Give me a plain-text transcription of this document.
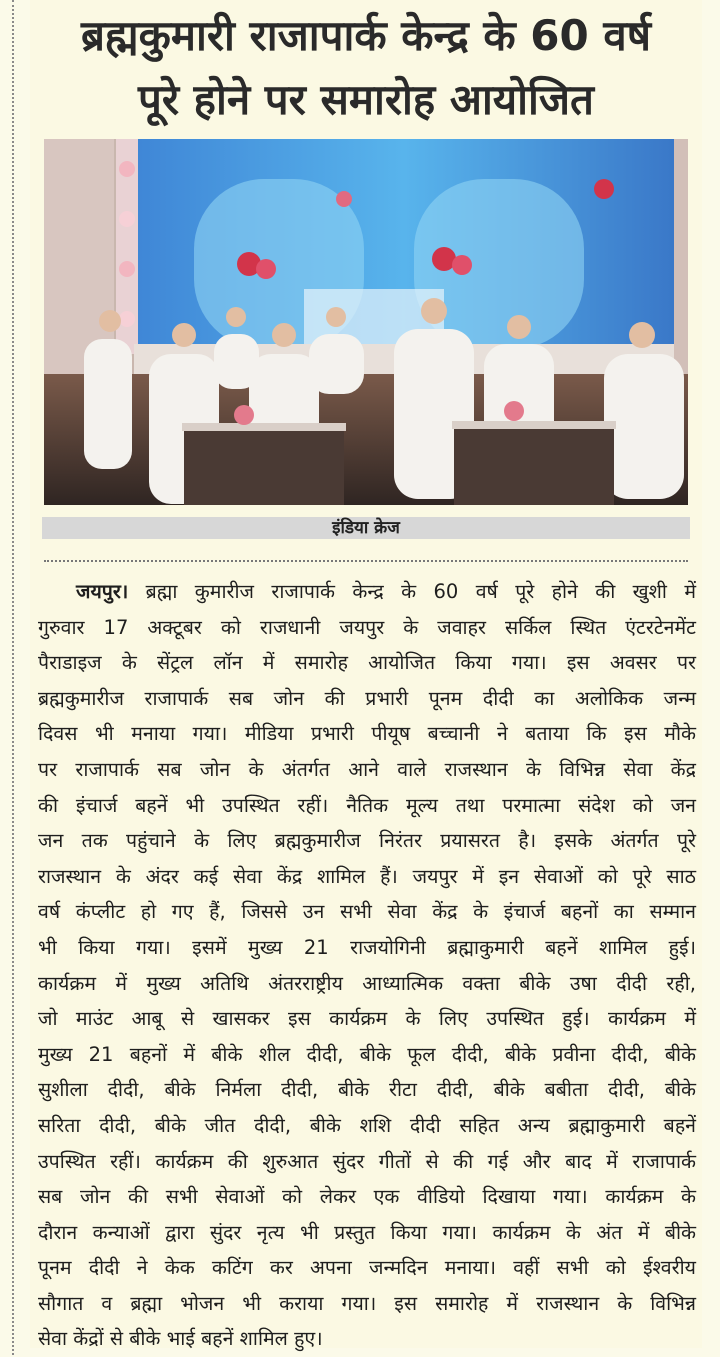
ब्रह्मकुमारी राजापार्क केन्द्र के 60 वर्ष
पूरे होने पर समारोह आयोजित

इंडिया क्रेज

जयपुर। ब्रह्मा कुमारीज राजापार्क केन्द्र के 60 वर्ष पूरे होने की खुशी में
गुरुवार 17 अक्टूबर को राजधानी जयपुर के जवाहर सर्किल स्थित एंटरटेनमेंट
पैराडाइज के सेंट्रल लॉन में समारोह आयोजित किया गया। इस अवसर पर
ब्रह्मकुमारीज राजापार्क सब जोन की प्रभारी पूनम दीदी का अलोकिक जन्म
दिवस भी मनाया गया। मीडिया प्रभारी पीयूष बच्चानी ने बताया कि इस मौके
पर राजापार्क सब जोन के अंतर्गत आने वाले राजस्थान के विभिन्न सेवा केंद्र
की इंचार्ज बहनें भी उपस्थित रहीं। नैतिक मूल्य तथा परमात्मा संदेश को जन
जन तक पहुंचाने के लिए ब्रह्मकुमारीज निरंतर प्रयासरत है। इसके अंतर्गत पूरे
राजस्थान के अंदर कई सेवा केंद्र शामिल हैं। जयपुर में इन सेवाओं को पूरे साठ
वर्ष कंप्लीट हो गए हैं, जिससे उन सभी सेवा केंद्र के इंचार्ज बहनों का सम्मान
भी किया गया। इसमें मुख्य 21 राजयोगिनी ब्रह्माकुमारी बहनें शामिल हुई।
कार्यक्रम में मुख्य अतिथि अंतरराष्ट्रीय आध्यात्मिक वक्ता बीके उषा दीदी रही,
जो माउंट आबू से खासकर इस कार्यक्रम के लिए उपस्थित हुई। कार्यक्रम में
मुख्य 21 बहनों में बीके शील दीदी, बीके फूल दीदी, बीके प्रवीना दीदी, बीके
सुशीला दीदी, बीके निर्मला दीदी, बीके रीटा दीदी, बीके बबीता दीदी, बीके
सरिता दीदी, बीके जीत दीदी, बीके शशि दीदी सहित अन्य ब्रह्माकुमारी बहनें
उपस्थित रहीं। कार्यक्रम की शुरुआत सुंदर गीतों से की गई और बाद में राजापार्क
सब जोन की सभी सेवाओं को लेकर एक वीडियो दिखाया गया। कार्यक्रम के
दौरान कन्याओं द्वारा सुंदर नृत्य भी प्रस्तुत किया गया। कार्यक्रम के अंत में बीके
पूनम दीदी ने केक कटिंग कर अपना जन्मदिन मनाया। वहीं सभी को ईश्वरीय
सौगात व ब्रह्मा भोजन भी कराया गया। इस समारोह में राजस्थान के विभिन्न
सेवा केंद्रों से बीके भाई बहनें शामिल हुए।
